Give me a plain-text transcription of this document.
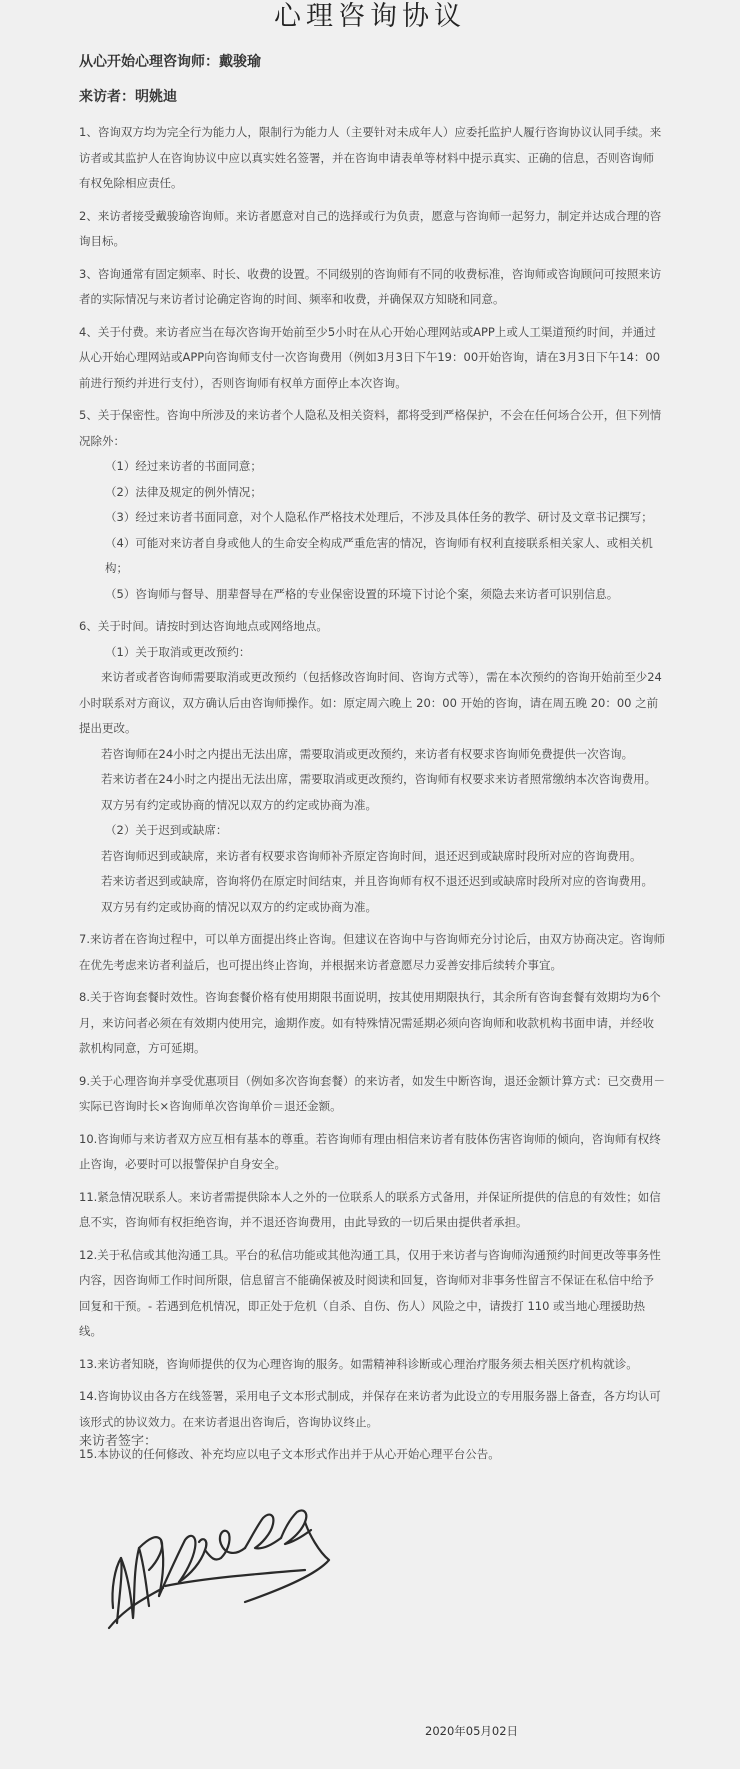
心理咨询协议
从心开始心理咨询师：戴骏瑜
来访者：明姚迪

1、咨询双方均为完全行为能力人，限制行为能力人（主要针对未成年人）应委托监护人履行咨询协议认同手续。来访者或其监护人在咨询协议中应以真实姓名签署，并在咨询申请表单等材料中提示真实、正确的信息，否则咨询师有权免除相应责任。

2、来访者接受戴骏瑜咨询师。来访者愿意对自己的选择或行为负责，愿意与咨询师一起努力，制定并达成合理的咨询目标。

3、咨询通常有固定频率、时长、收费的设置。不同级别的咨询师有不同的收费标准，咨询师或咨询顾问可按照来访者的实际情况与来访者讨论确定咨询的时间、频率和收费，并确保双方知晓和同意。

4、关于付费。来访者应当在每次咨询开始前至少5小时在从心开始心理网站或APP上或人工渠道预约时间，并通过从心开始心理网站或APP向咨询师支付一次咨询费用（例如3月3日下午19：00开始咨询，请在3月3日下午14：00前进行预约并进行支付），否则咨询师有权单方面停止本次咨询。

5、关于保密性。咨询中所涉及的来访者个人隐私及相关资料，都将受到严格保护，不会在任何场合公开，但下列情况除外：

（1）经过来访者的书面同意；

（2）法律及规定的例外情况；

（3）经过来访者书面同意，对个人隐私作严格技术处理后，不涉及具体任务的教学、研讨及文章书记撰写；

（4）可能对来访者自身或他人的生命安全构成严重危害的情况，咨询师有权利直接联系相关家人、或相关机构；

（5）咨询师与督导、朋辈督导在严格的专业保密设置的环境下讨论个案，须隐去来访者可识别信息。

6、关于时间。请按时到达咨询地点或网络地点。

（1）关于取消或更改预约：

来访者或者咨询师需要取消或更改预约（包括修改咨询时间、咨询方式等），需在本次预约的咨询开始前至少24小时联系对方商议，双方确认后由咨询师操作。如：原定周六晚上 20：00 开始的咨询，请在周五晚 20：00 之前提出更改。

若咨询师在24小时之内提出无法出席，需要取消或更改预约，来访者有权要求咨询师免费提供一次咨询。

若来访者在24小时之内提出无法出席，需要取消或更改预约，咨询师有权要求来访者照常缴纳本次咨询费用。

双方另有约定或协商的情况以双方的约定或协商为准。

（2）关于迟到或缺席：

若咨询师迟到或缺席，来访者有权要求咨询师补齐原定咨询时间，退还迟到或缺席时段所对应的咨询费用。

若来访者迟到或缺席，咨询将仍在原定时间结束，并且咨询师有权不退还迟到或缺席时段所对应的咨询费用。

双方另有约定或协商的情况以双方的约定或协商为准。

7.来访者在咨询过程中，可以单方面提出终止咨询。但建议在咨询中与咨询师充分讨论后，由双方协商决定。咨询师在优先考虑来访者利益后，也可提出终止咨询，并根据来访者意愿尽力妥善安排后续转介事宜。

8.关于咨询套餐时效性。咨询套餐价格有使用期限书面说明，按其使用期限执行，其余所有咨询套餐有效期均为6个月，来访问者必须在有效期内使用完，逾期作废。如有特殊情况需延期必须向咨询师和收款机构书面申请，并经收款机构同意，方可延期。

9.关于心理咨询并享受优惠项目（例如多次咨询套餐）的来访者，如发生中断咨询，退还金额计算方式：已交费用－实际已咨询时长×咨询师单次咨询单价＝退还金额。

10.咨询师与来访者双方应互相有基本的尊重。若咨询师有理由相信来访者有肢体伤害咨询师的倾向，咨询师有权终止咨询，必要时可以报警保护自身安全。

11.紧急情况联系人。来访者需提供除本人之外的一位联系人的联系方式备用，并保证所提供的信息的有效性；如信息不实，咨询师有权拒绝咨询，并不退还咨询费用，由此导致的一切后果由提供者承担。

12.关于私信或其他沟通工具。平台的私信功能或其他沟通工具，仅用于来访者与咨询师沟通预约时间更改等事务性内容，因咨询师工作时间所限，信息留言不能确保被及时阅读和回复，咨询师对非事务性留言不保证在私信中给予回复和干预。- 若遇到危机情况，即正处于危机（自杀、自伤、伤人）风险之中，请拨打 110 或当地心理援助热线。

13.来访者知晓，咨询师提供的仅为心理咨询的服务。如需精神科诊断或心理治疗服务须去相关医疗机构就诊。

14.咨询协议由各方在线签署，采用电子文本形式制成，并保存在来访者为此设立的专用服务器上备查，各方均认可该形式的协议效力。在来访者退出咨询后，咨询协议终止。

15.本协议的任何修改、补充均应以电子文本形式作出并于从心开始心理平台公告。

来访者签字：
2020年05月02日
